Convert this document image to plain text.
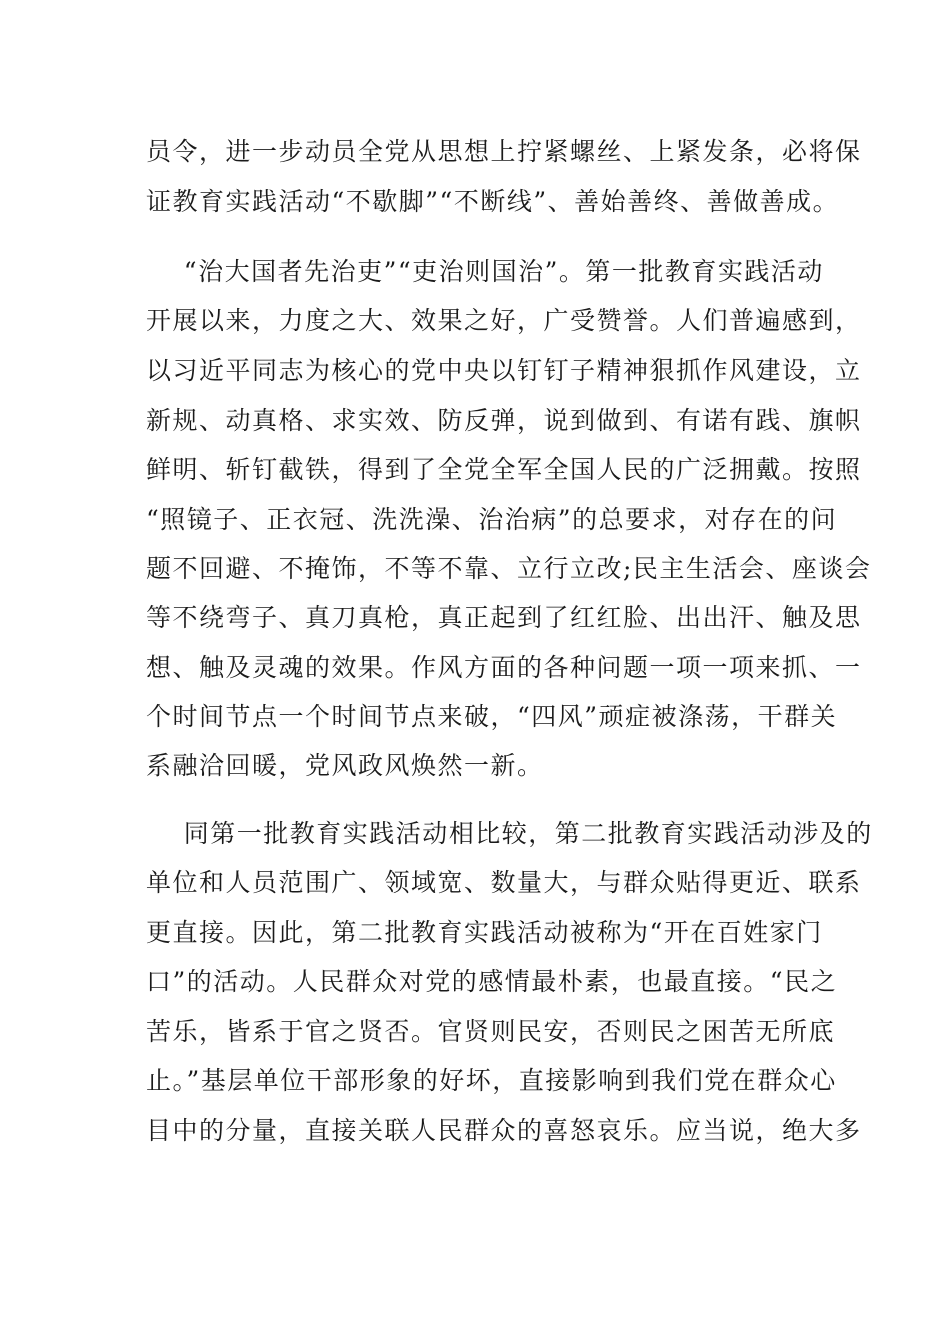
员令，进一步动员全党从思想上拧紧螺丝、上紧发条，必将保
证教育实践活动“不歇脚”“不断线”、善始善终、善做善成。
“治大国者先治吏”“吏治则国治”。第一批教育实践活动
开展以来，力度之大、效果之好，广受赞誉。人们普遍感到，
以习近平同志为核心的党中央以钉钉子精神狠抓作风建设，立
新规、动真格、求实效、防反弹，说到做到、有诺有践、旗帜
鲜明、斩钉截铁，得到了全党全军全国人民的广泛拥戴。按照
“照镜子、正衣冠、洗洗澡、治治病”的总要求，对存在的问
题不回避、不掩饰，不等不靠、立行立改;民主生活会、座谈会
等不绕弯子、真刀真枪，真正起到了红红脸、出出汗、触及思
想、触及灵魂的效果。作风方面的各种问题一项一项来抓、一
个时间节点一个时间节点来破，“四风”顽症被涤荡，干群关
系融洽回暖，党风政风焕然一新。
同第一批教育实践活动相比较，第二批教育实践活动涉及的
单位和人员范围广、领域宽、数量大，与群众贴得更近、联系
更直接。因此，第二批教育实践活动被称为“开在百姓家门
口”的活动。人民群众对党的感情最朴素，也最直接。“民之
苦乐，皆系于官之贤否。官贤则民安，否则民之困苦无所底
止。”基层单位干部形象的好坏，直接影响到我们党在群众心
目中的分量，直接关联人民群众的喜怒哀乐。应当说，绝大多
